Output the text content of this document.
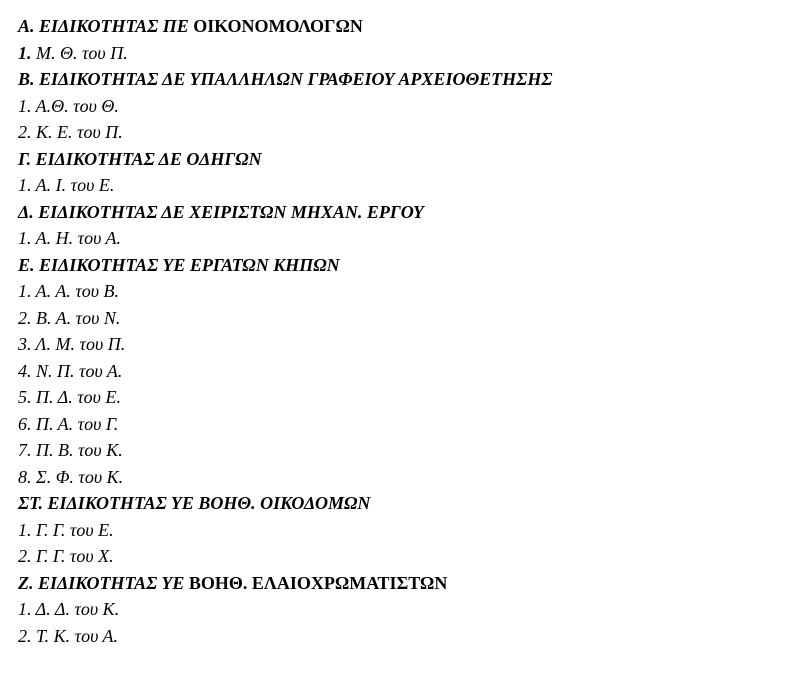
Α. ΕΙΔΙΚΟΤΗΤΑΣ ΠΕ ΟΙΚΟΝΟΜΟΛΟΓΩΝ
1. Μ. Θ. του Π.
Β. ΕΙΔΙΚΟΤΗΤΑΣ ΔΕ ΥΠΑΛΛΗΛΩΝ ΓΡΑΦΕΙΟΥ ΑΡΧΕΙΟΘΕΤΗΣΗΣ
1. Α.Θ. του Θ.
2. Κ. Ε. του Π.
Γ. ΕΙΔΙΚΟΤΗΤΑΣ ΔΕ ΟΔΗΓΩΝ
1. Α. Ι. του Ε.
Δ. ΕΙΔΙΚΟΤΗΤΑΣ ΔΕ ΧΕΙΡΙΣΤΩΝ ΜΗΧΑΝ. ΕΡΓΟΥ
1. Α. Η. του Α.
Ε. ΕΙΔΙΚΟΤΗΤΑΣ ΥΕ ΕΡΓΑΤΩΝ ΚΗΠΩΝ
1. Α. Α. του Β.
2. Β. Α. του Ν.
3. Λ. Μ. του Π.
4. Ν. Π. του Α.
5. Π. Δ. του Ε.
6. Π. Α. του Γ.
7. Π. Β. του Κ.
8. Σ. Φ. του Κ.
ΣΤ. ΕΙΔΙΚΟΤΗΤΑΣ ΥΕ ΒΟΗΘ. ΟΙΚΟΔΟΜΩΝ
1. Γ. Γ. του Ε.
2. Γ. Γ. του Χ.
Ζ. ΕΙΔΙΚΟΤΗΤΑΣ ΥΕ ΒΟΗΘ. ΕΛΑΙΟΧΡΩΜΑΤΙΣΤΩΝ
1. Δ. Δ. του Κ.
2. Τ. Κ. του Α.
